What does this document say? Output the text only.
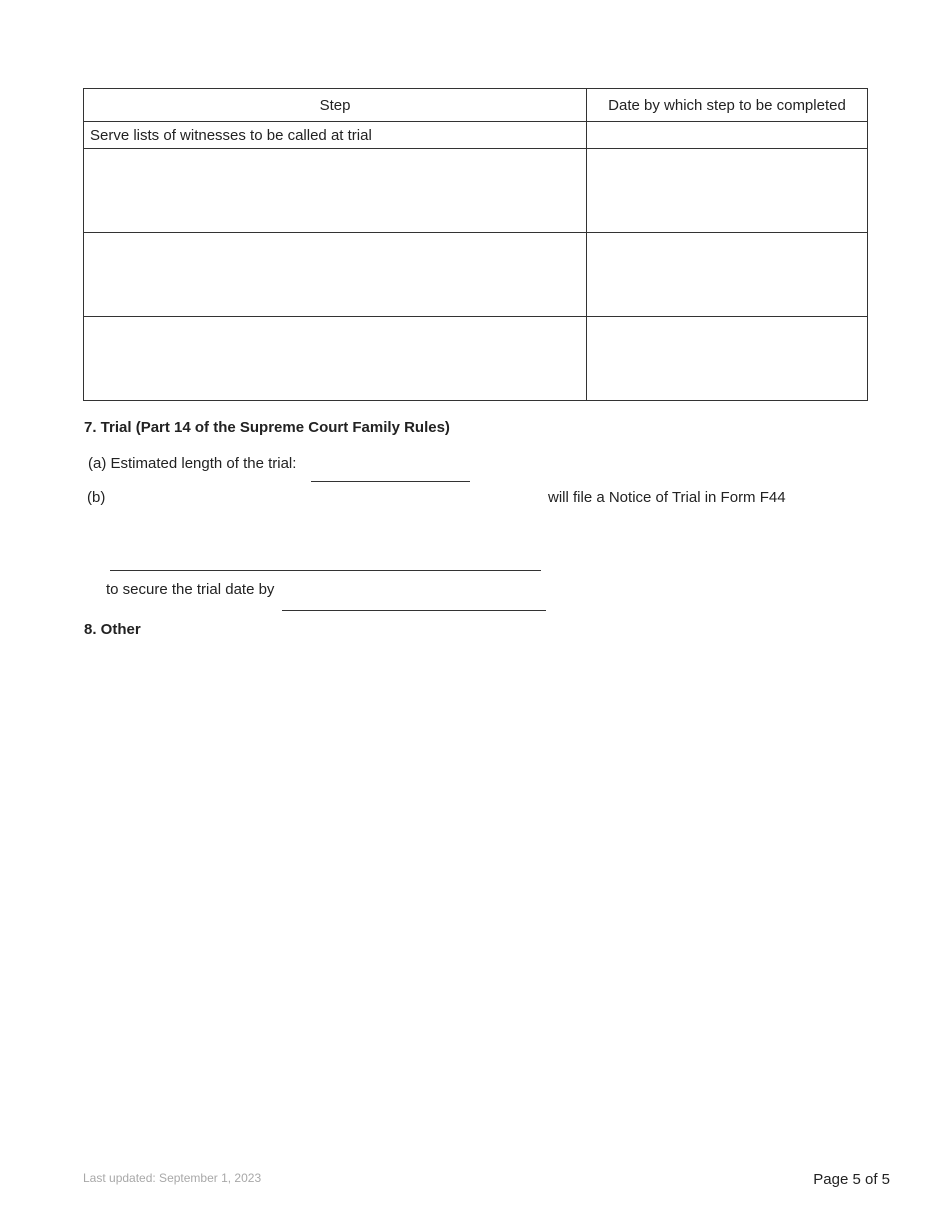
Step	Date by which step to be completed
Serve lists of witnesses to be called at trial	

7. Trial (Part 14 of the Supreme Court Family Rules)

(a) Estimated length of the trial:

(b)	will file a Notice of Trial in Form F44

to secure the trial date by

8. Other

Last updated: September 1, 2023	Page 5 of 5
